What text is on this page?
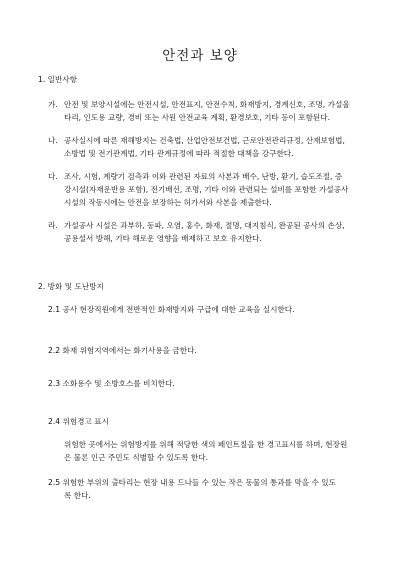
안전과 보양
1. 일반사항
가. 안전 및 보양시설에는 안전시설, 안전표지, 안전수칙, 화재방지, 경계신호, 조명, 가설울
타리, 인도용 교량, 경비 또는 사원 안전교육 계획, 환경보호, 기타 등이 포함된다.
나. 공사실시에 따른 재해방지는 건축법, 산업안전보건법, 근로안전관리규정, 산재보험법,
소방법 및 전기관계법, 기타 관계규정에 따라 적절한 대책을 강구한다.
다. 조사, 시험, 계량기 검측과 이와 관련된 자료의 사본과 배수, 난방, 환기, 습도조절, 증
강시설(자재운반용 포함), 전기배선, 조명, 기타 이와 관련되는 설비를 포함한 가설공사
시설의 작동시에는 안전을 보장하는 허가서와 사본을 제출한다.
라. 가설공사 시설은 과부하, 동파, 오염, 홍수, 화재, 절명, 대지침식, 완공된 공사의 손상,
공용설서 방해, 기타 해로운 영향을 배제하고 보호 유지한다.
2. 방화 및 도난방지
2.1 공사 현장직원에게 전반적인 화재방지와 구급에 대한 교육을 실시한다.
2.2 화재 위험지역에서는 화기사용을 금한다.
2.3 소화용수 및 소방호스를 비치한다.
2.4 위험경고 표시
위험한 곳에서는 위험방지를 위해 적당한 색의 페인트칠을 한 경고표시를 하며, 현장원
은 물론 인근 주민도 식별할 수 있도록 한다.
2.5 위험한 부위의 출타리는 현장 내용 드나들 수 있는 작은 동물의 통과를 막을 수 있도
록 한다.
